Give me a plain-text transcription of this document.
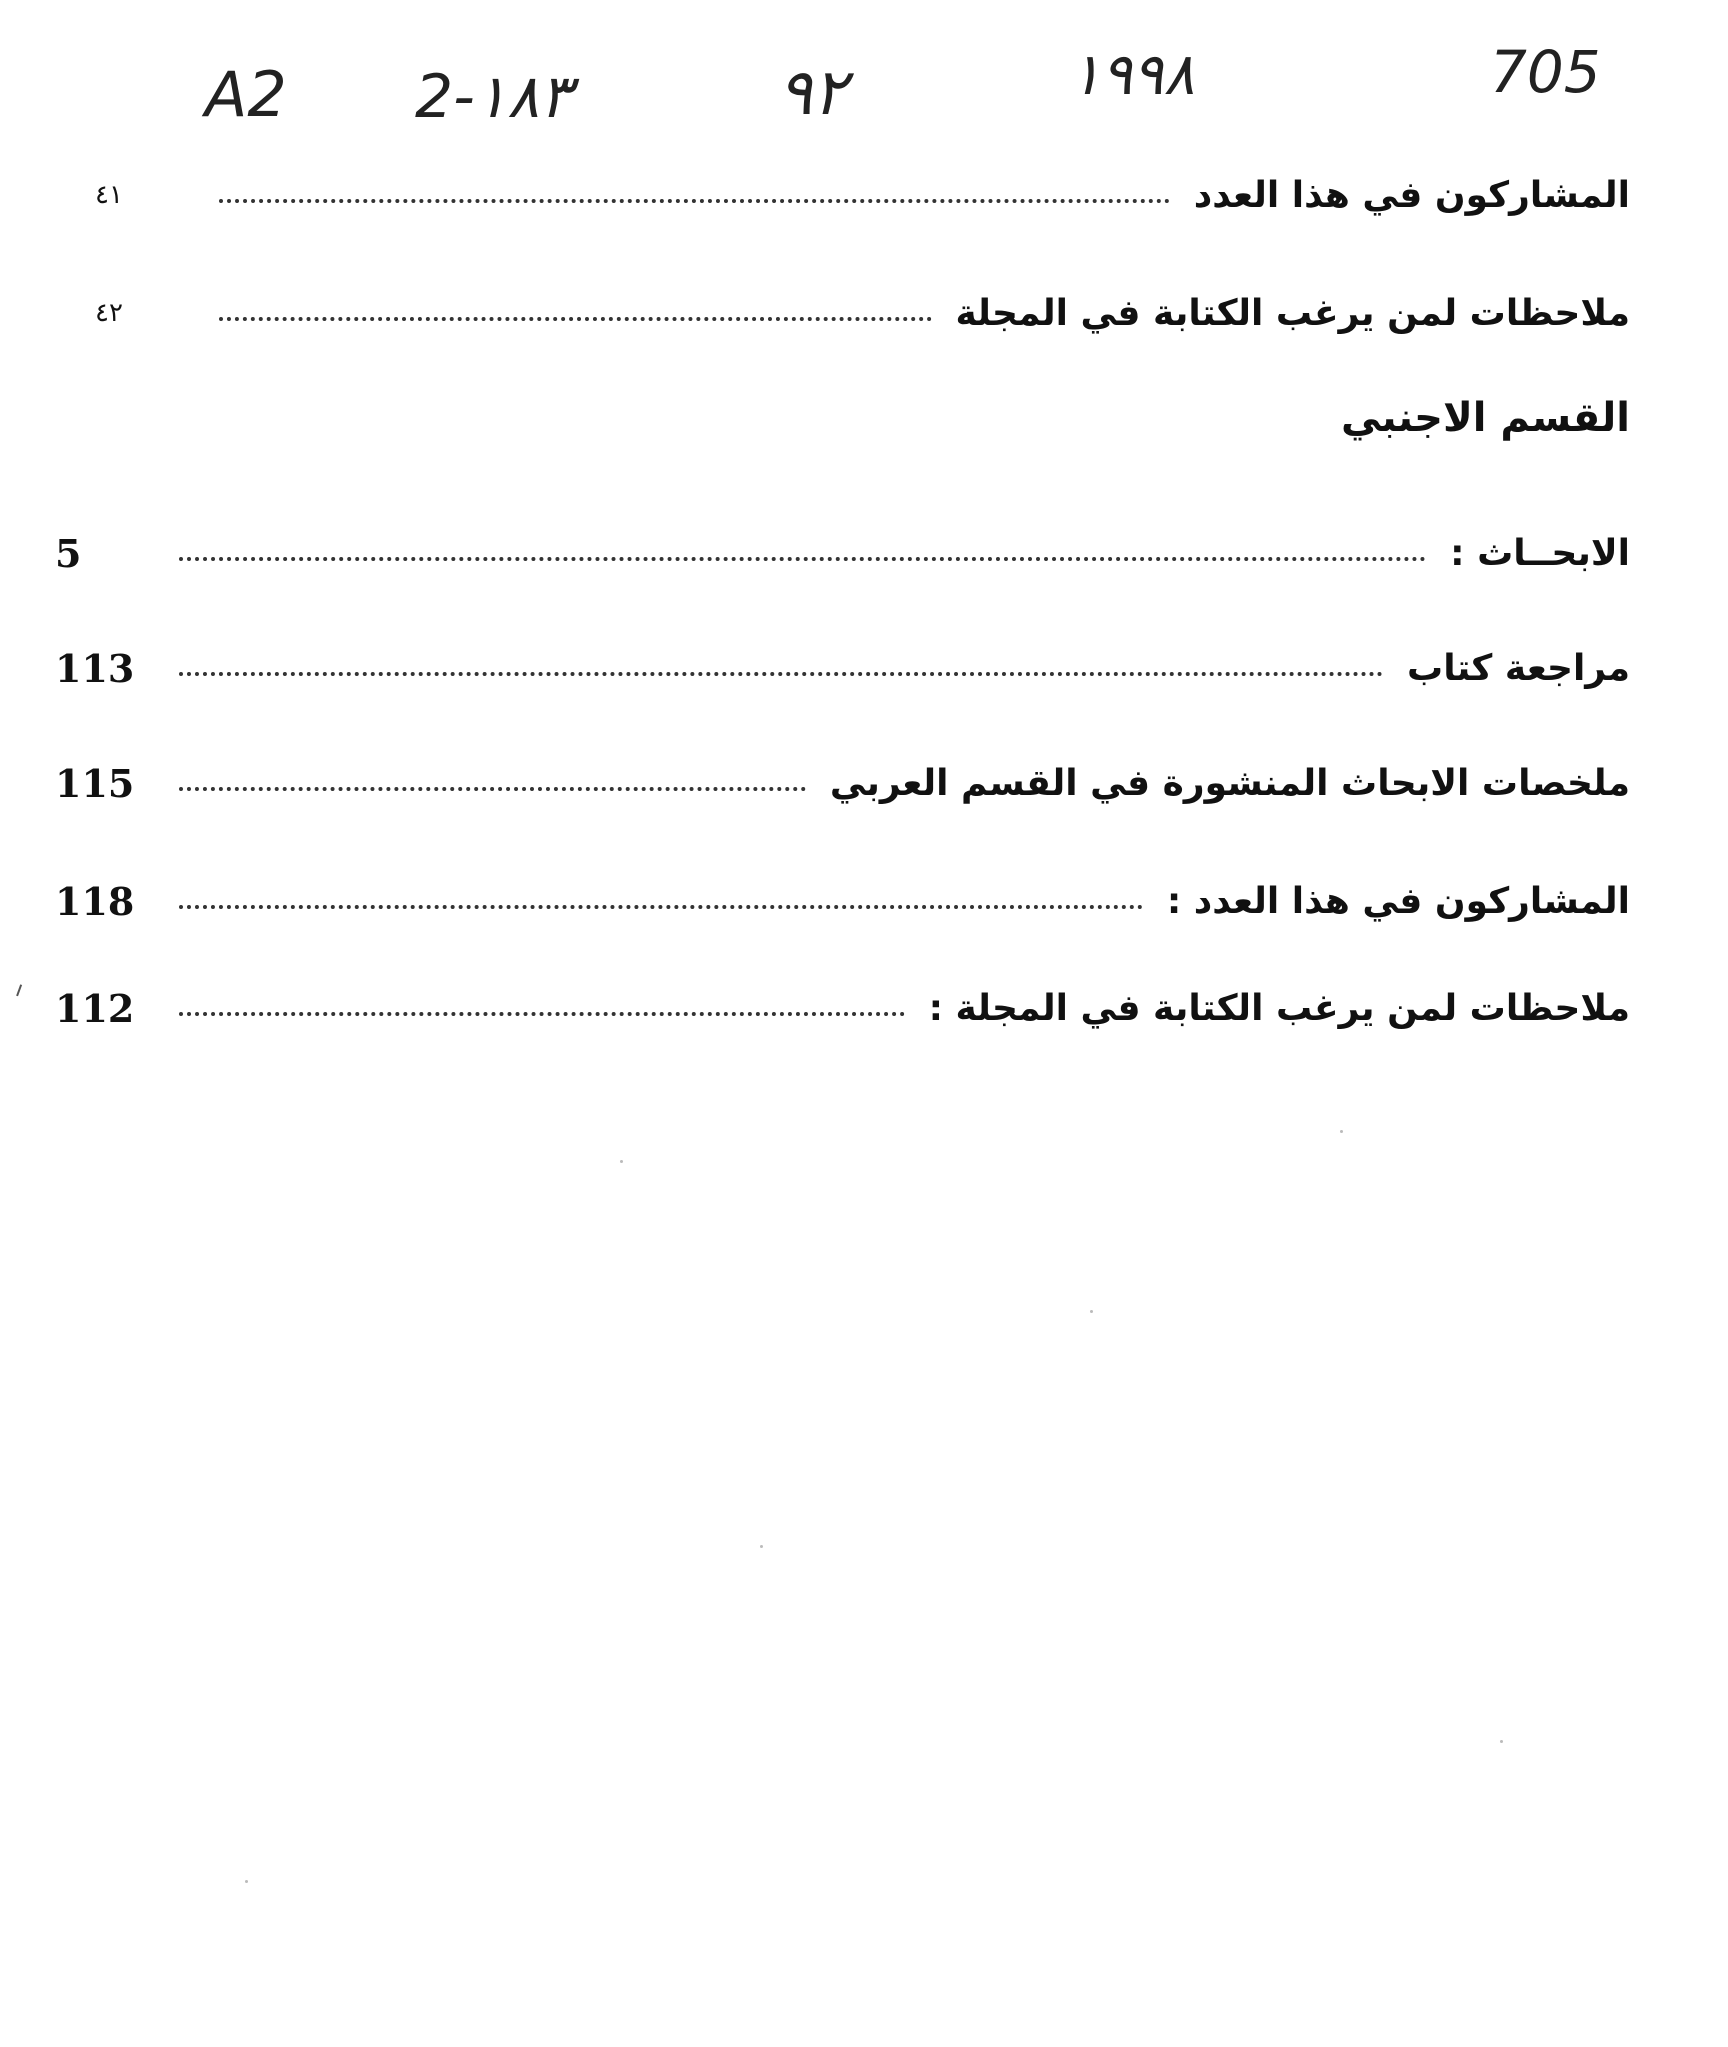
A2 2-١٨٣	٩٢	١٩٩٨	705
٤١	المشاركون في هذا العدد
٤٢	ملاحظات لمن يرغب الكتابة في المجلة
القسم الاجنبي
5	الابحــاث :
113	مراجعة كتاب
115	ملخصات الابحاث المنشورة في القسم العربي
118	المشاركون في هذا العدد :
112	ملاحظات لمن يرغب الكتابة في المجلة :
